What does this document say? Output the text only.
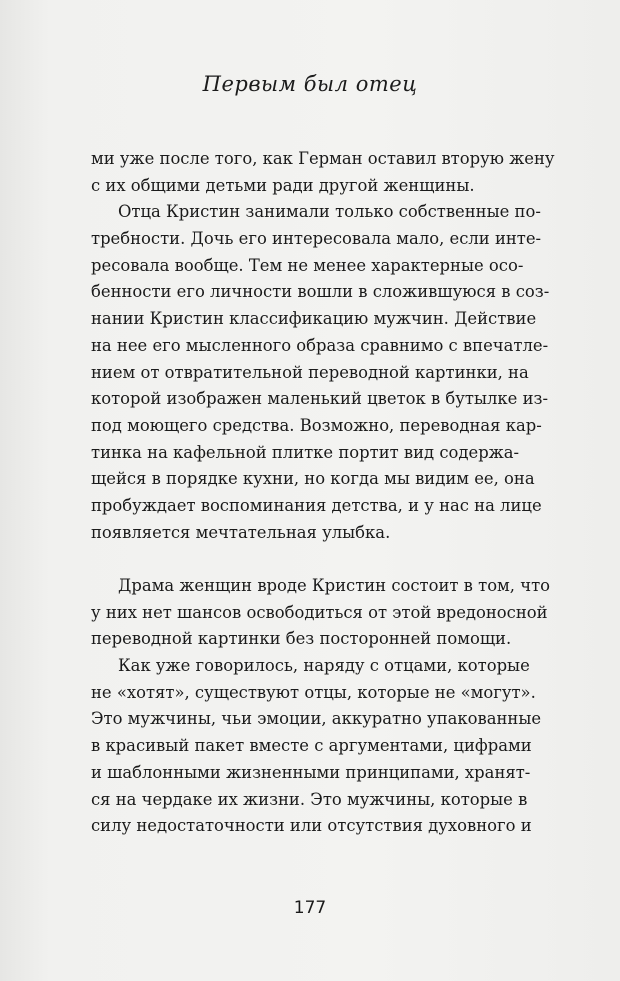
Первым был отец
ми уже после того, как Герман оставил вторую жену
с их общими детьми ради другой женщины.
Отца Кристин занимали только собственные по-
требности. Дочь его интересовала мало, если инте-
ресовала вообще. Тем не менее характерные осо-
бенности его личности вошли в сложившуюся в соз-
нании Кристин классификацию мужчин. Действие
на нее его мысленного образа сравнимо с впечатле-
нием от отвратительной переводной картинки, на
которой изображен маленький цветок в бутылке из-
под моющего средства. Возможно, переводная кар-
тинка на кафельной плитке портит вид содержа-
щейся в порядке кухни, но когда мы видим ее, она
пробуждает воспоминания детства, и у нас на лице
появляется мечтательная улыбка.
Драма женщин вроде Кристин состоит в том, что
у них нет шансов освободиться от этой вредоносной
переводной картинки без посторонней помощи.
Как уже говорилось, наряду с отцами, которые
не «хотят», существуют отцы, которые не «могут».
Это мужчины, чьи эмоции, аккуратно упакованные
в красивый пакет вместе с аргументами, цифрами
и шаблонными жизненными принципами, хранят-
ся на чердаке их жизни. Это мужчины, которые в
силу недостаточности или отсутствия духовного и
177
